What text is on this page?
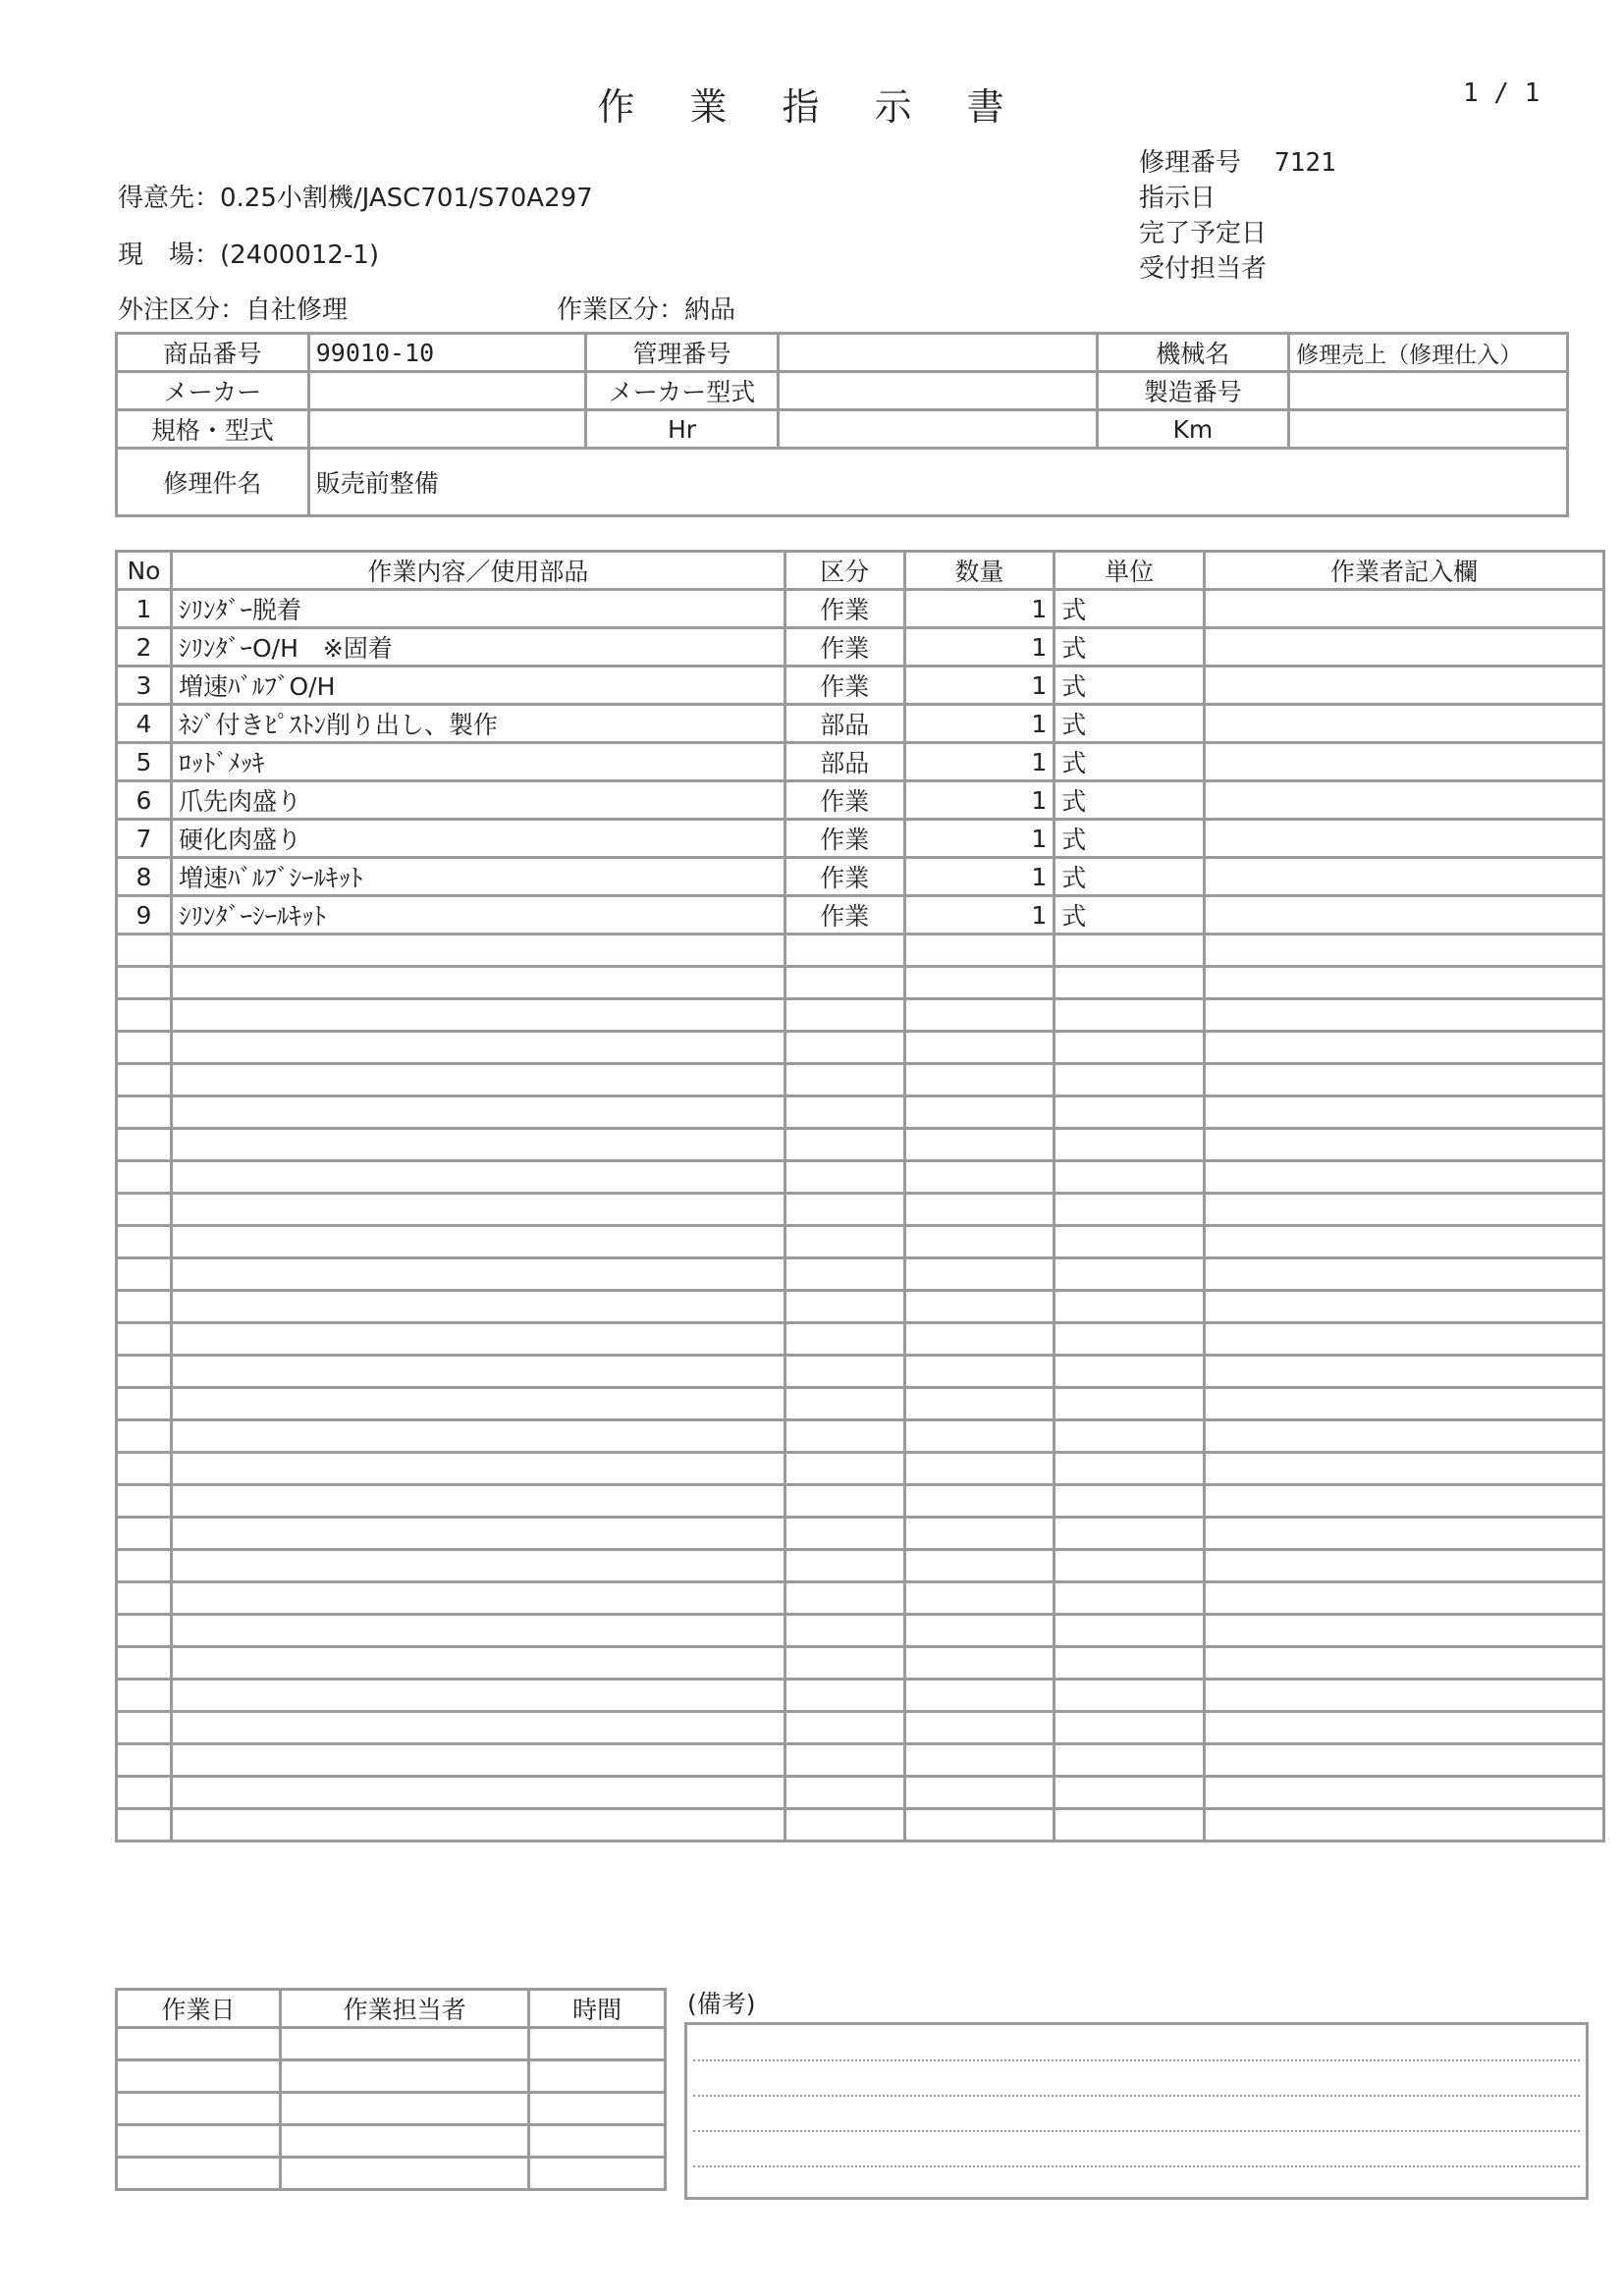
作 業 指 示 書	1 / 1
修理番号 7121
指示日
完了予定日
受付担当者
得意先：0.25小割機/JASC701/S70A297
現　場：(2400012-1)
外注区分：自社修理	作業区分：納品
商品番号	99010-10	管理番号		機械名	修理売上（修理仕入）
メーカー		メーカー型式		製造番号	
規格・型式		Hr		Km	
修理件名	販売前整備				
No	作業内容／使用部品	区分	数量	単位	作業者記入欄
1	ｼﾘﾝﾀﾞｰ脱着	作業	1	式	
2	ｼﾘﾝﾀﾞｰO/H　※固着	作業	1	式	
3	増速ﾊﾞﾙﾌﾞO/H	作業	1	式	
4	ﾈｼﾞ付きﾋﾟｽﾄﾝ削り出し、製作	部品	1	式	
5	ﾛｯﾄﾞﾒｯｷ	部品	1	式	
6	爪先肉盛り	作業	1	式	
7	硬化肉盛り	作業	1	式	
8	増速ﾊﾞﾙﾌﾞｼｰﾙｷｯﾄ	作業	1	式	
9	ｼﾘﾝﾀﾞｰｼｰﾙｷｯﾄ	作業	1	式	

作業日	作業担当者	時間

			(備考)
